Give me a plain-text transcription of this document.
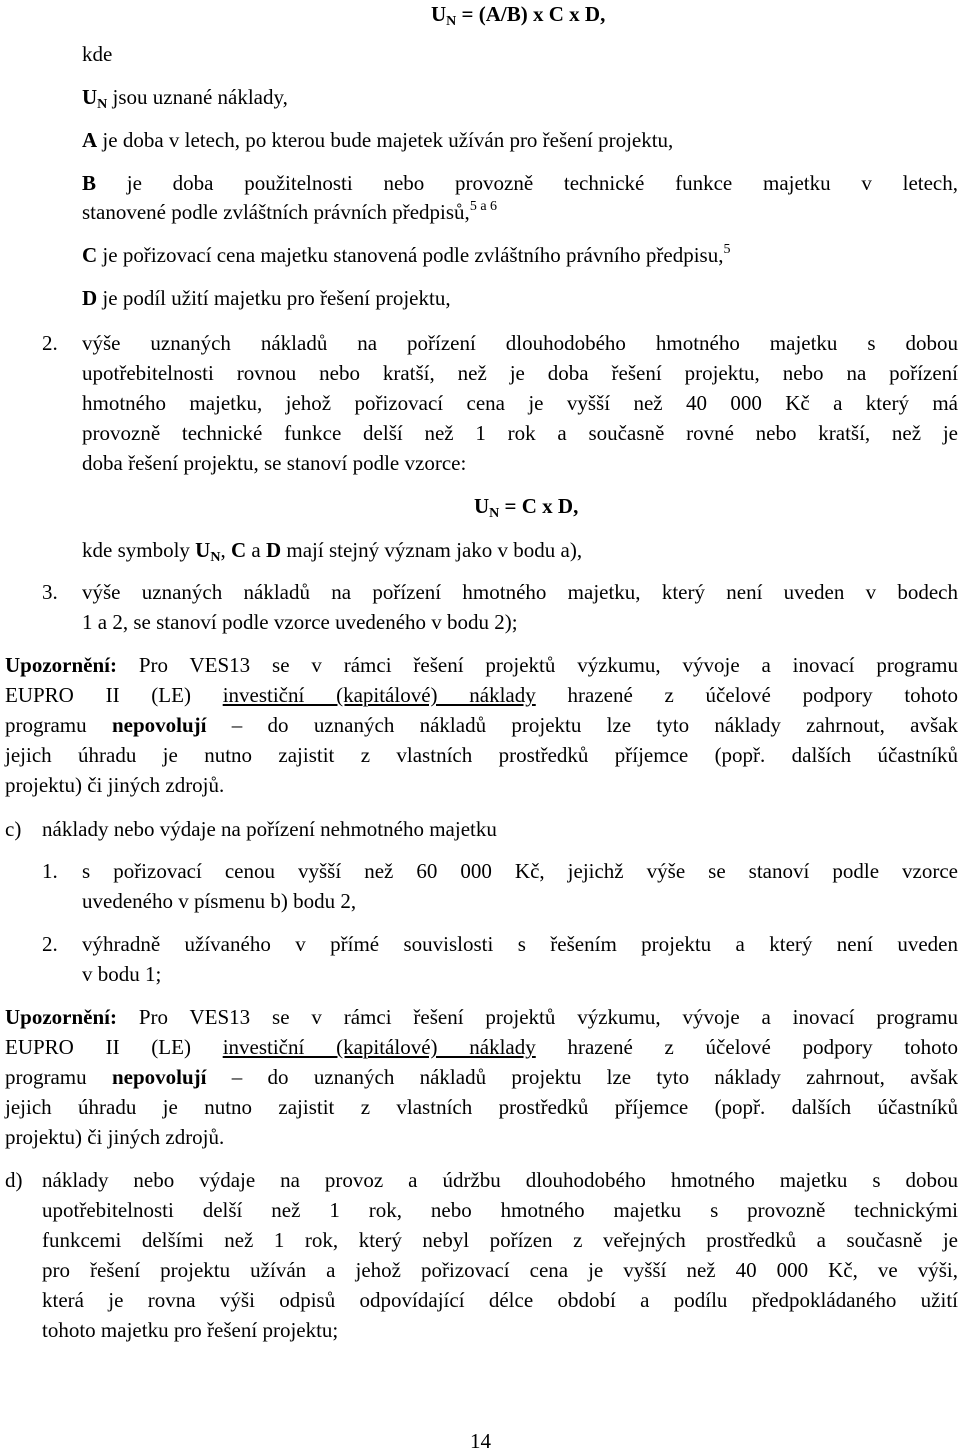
$U_N = (A/B)$ x C x D,
kde
$U_N$ jsou uznané náklady,
A je doba v letech, po kterou bude majetek užíván pro řešení projektu,
B je doba použitelnosti nebo provozně technické funkce majetku v letech,
stanovené podle zvláštních právních předpisů,$^{5 a 6}$
C je pořizovací cena majetku stanovená podle zvláštního právního předpisu,$^5$
D je podíl užití majetku pro řešení projektu,
2. výše uznaných nákladů na pořízení dlouhodobého hmotného majetku s dobou
upotřebitelnosti rovnou nebo kratší, než je doba řešení projektu, nebo na pořízení
hmotného majetku, jehož pořizovací cena je vyšší než 40 000 Kč a který má
provozně technické funkce delší než 1 rok a současně rovné nebo kratší, než je
doba řešení projektu, se stanoví podle vzorce:
$U_N = C$ x D,
kde symboly $U_N$, C a D mají stejný význam jako v bodu a),
3. výše uznaných nákladů na pořízení hmotného majetku, který není uveden v bodech
1 a 2, se stanoví podle vzorce uvedeného v bodu 2);
Upozornění: Pro VES13 se v rámci řešení projektů výzkumu, vývoje a inovací programu
EUPRO II (LE) investiční (kapitálové) náklady hrazené z účelové podpory tohoto
programu nepovolují – do uznaných nákladů projektu lze tyto náklady zahrnout, avšak
jejich úhradu je nutno zajistit z vlastních prostředků příjemce (popř. dalších účastníků
projektu) či jiných zdrojů.
c) náklady nebo výdaje na pořízení nehmotného majetku
1. s pořizovací cenou vyšší než 60 000 Kč, jejichž výše se stanoví podle vzorce
uvedeného v písmenu b) bodu 2,
2. výhradně užívaného v přímé souvislosti s řešením projektu a který není uveden
v bodu 1;
Upozornění: Pro VES13 se v rámci řešení projektů výzkumu, vývoje a inovací programu
EUPRO II (LE) investiční (kapitálové) náklady hrazené z účelové podpory tohoto
programu nepovolují – do uznaných nákladů projektu lze tyto náklady zahrnout, avšak
jejich úhradu je nutno zajistit z vlastních prostředků příjemce (popř. dalších účastníků
projektu) či jiných zdrojů.
d) náklady nebo výdaje na provoz a údržbu dlouhodobého hmotného majetku s dobou
upotřebitelnosti delší než 1 rok, nebo hmotného majetku s provozně technickými
funkcemi delšími než 1 rok, který nebyl pořízen z veřejných prostředků a současně je
pro řešení projektu užíván a jehož pořizovací cena je vyšší než 40 000 Kč, ve výši,
která je rovna výši odpisů odpovídající délce období a podílu předpokládaného užití
tohoto majetku pro řešení projektu;
14
